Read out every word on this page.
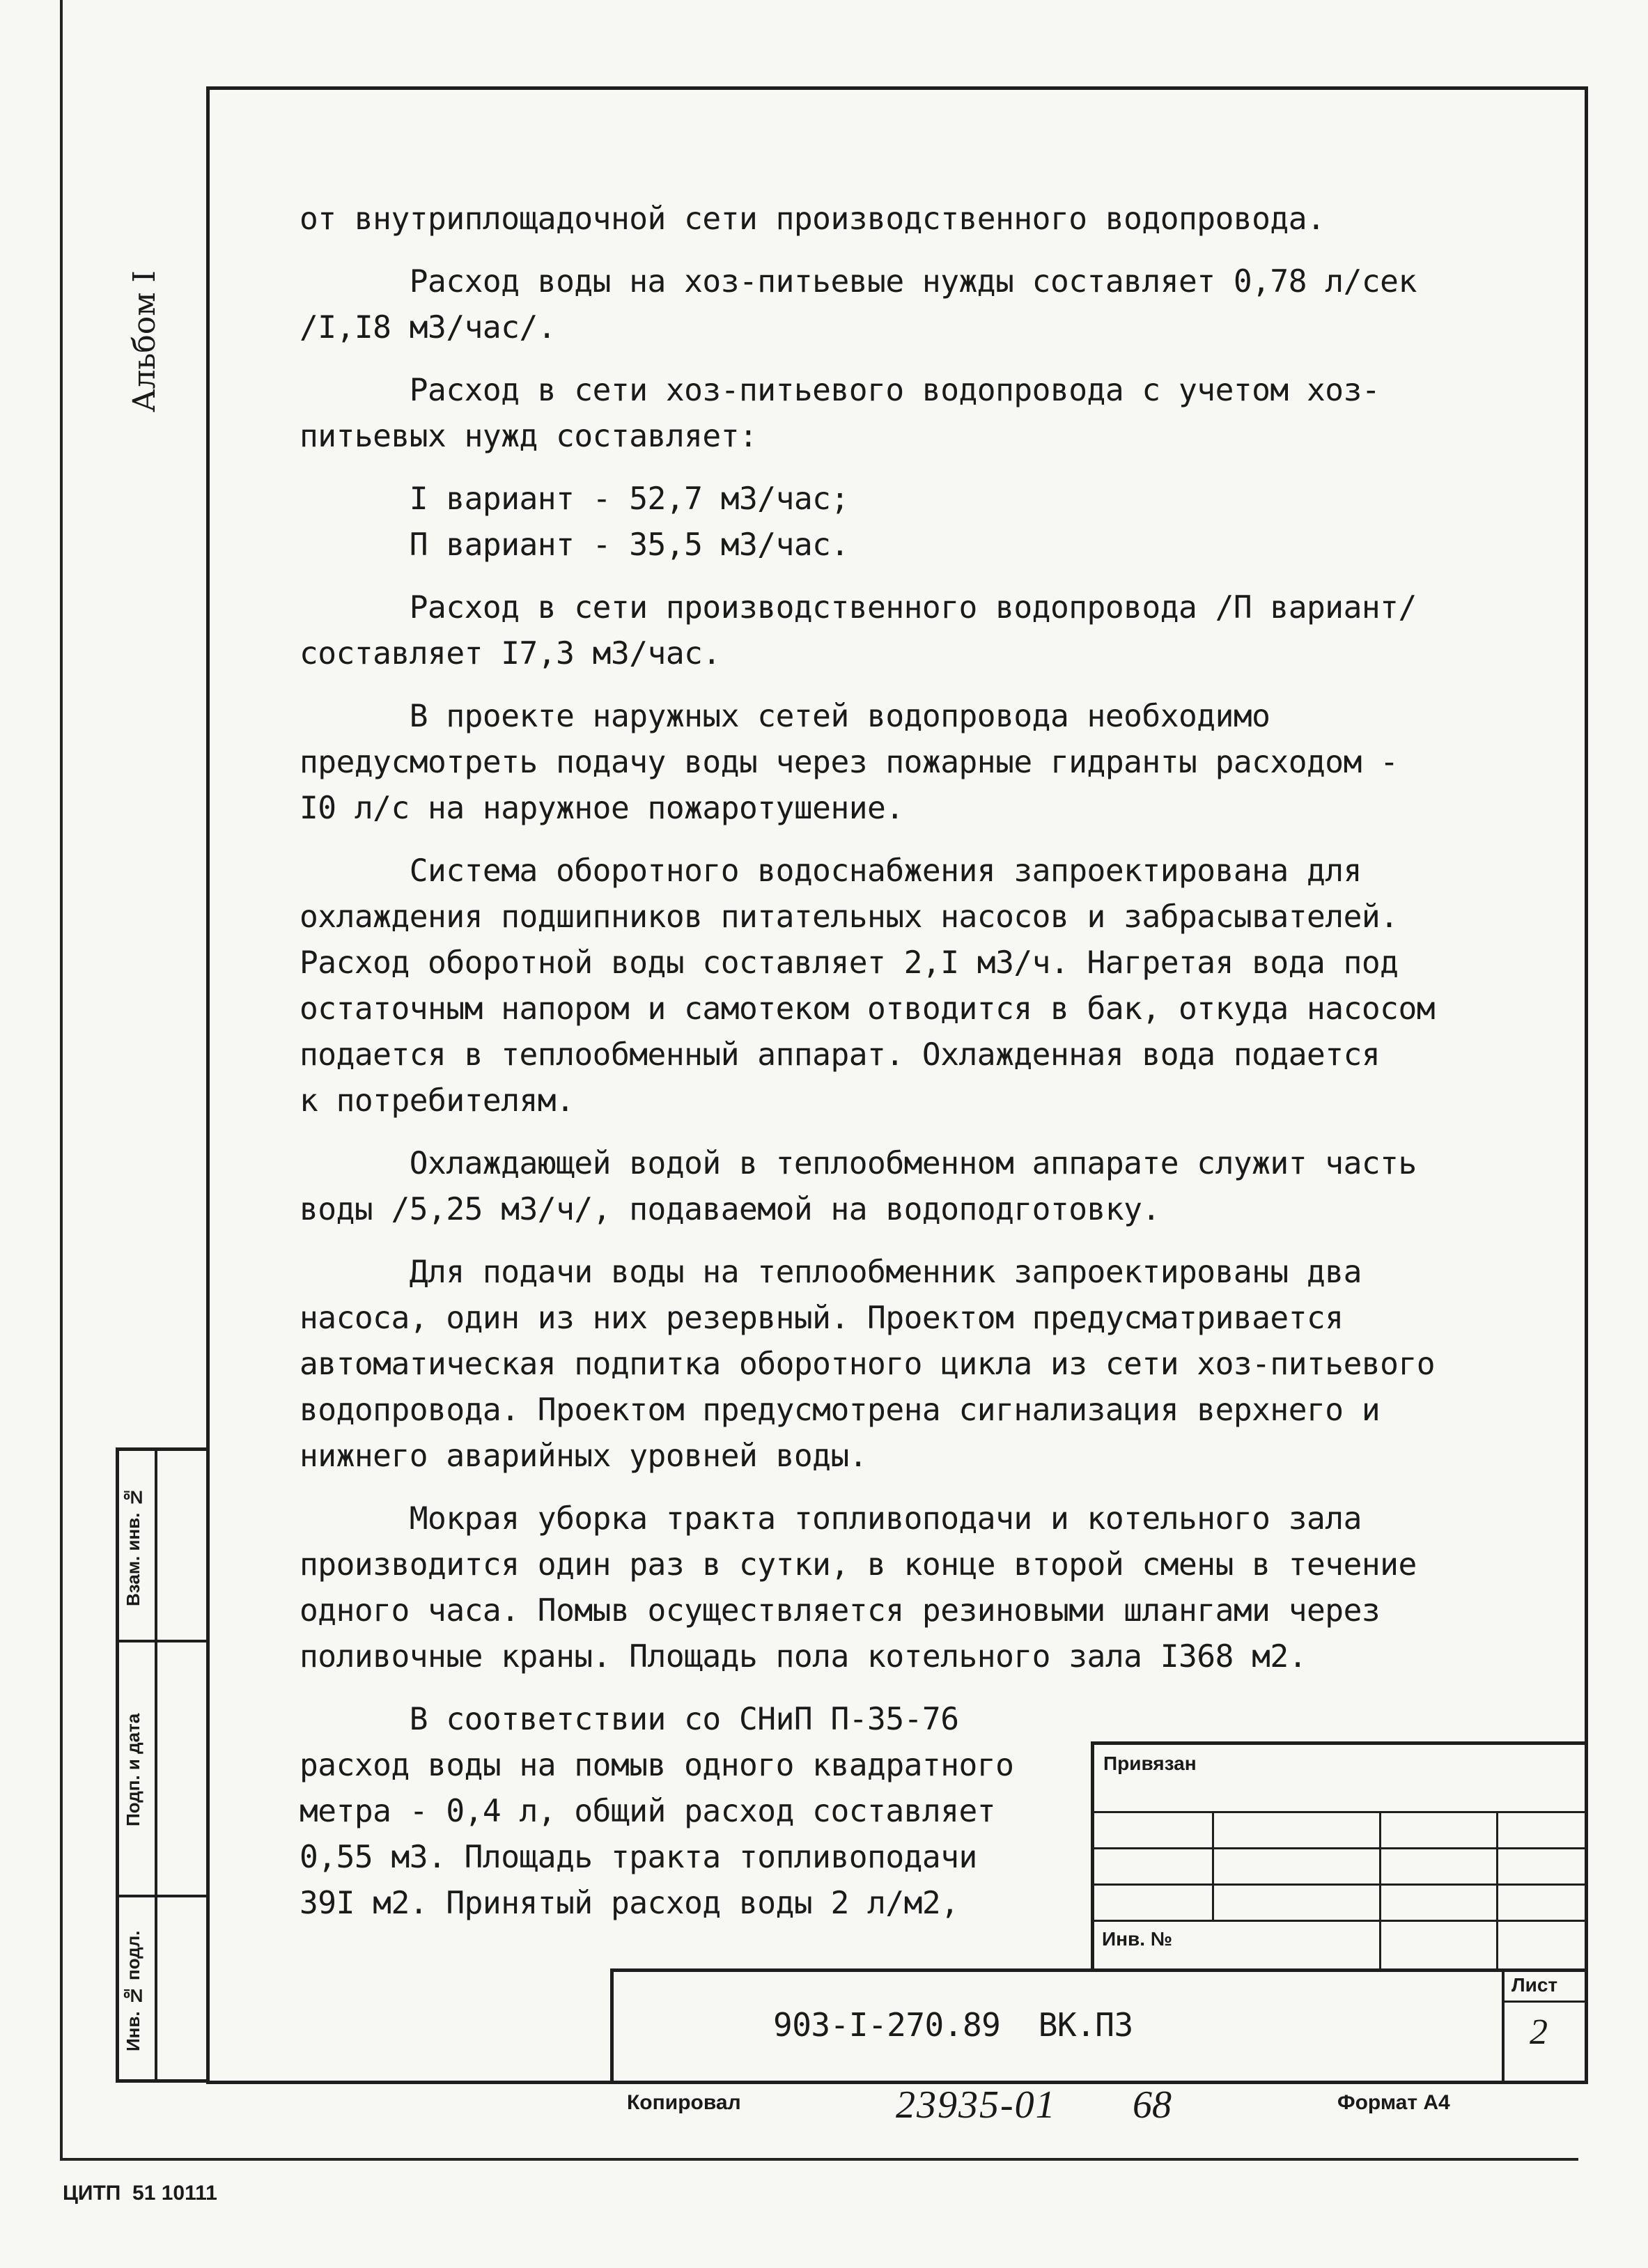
Альбом I
Взам. инв. №
Подп. и дата
Инв. № подл.
от внутриплощадочной сети производственного водопровода.
Расход воды на хоз-питьевые нужды составляет 0,78 л/сек
/I,I8 м3/час/.
Расход в сети хоз-питьевого водопровода с учетом хоз-
питьевых нужд составляет:
I вариант - 52,7 м3/час;
П вариант - 35,5 м3/час.
Расход в сети производственного водопровода /П вариант/
составляет I7,3 м3/час.
В проекте наружных сетей водопровода необходимо
предусмотреть подачу воды через пожарные гидранты расходом -
I0 л/с на наружное пожаротушение.
Система оборотного водоснабжения запроектирована для
охлаждения подшипников питательных насосов и забрасывателей.
Расход оборотной воды составляет 2,I м3/ч. Нагретая вода под
остаточным напором и самотеком отводится в бак, откуда насосом
подается в теплообменный аппарат. Охлажденная вода подается
к потребителям.
Охлаждающей водой в теплообменном аппарате служит часть
воды /5,25 м3/ч/, подаваемой на водоподготовку.
Для подачи воды на теплообменник запроектированы два
насоса, один из них резервный. Проектом предусматривается
автоматическая подпитка оборотного цикла из сети хоз-питьевого
водопровода. Проектом предусмотрена сигнализация верхнего и
нижнего аварийных уровней воды.
Мокрая уборка тракта топливоподачи и котельного зала
производится один раз в сутки, в конце второй смены в течение
одного часа. Помыв осуществляется резиновыми шлангами через
поливочные краны. Площадь пола котельного зала I368 м2.
В соответствии со СНиП П-35-76
расход воды на помыв одного квадратного
метра - 0,4 л, общий расход составляет
0,55 м3. Площадь тракта топливоподачи
39I м2. Принятый расход воды 2 л/м2,
Привязан
Инв. №
903-I-270.89  ВК.ПЗ
Лист
2
Копировал	23935-01 68	Формат А4
ЦИТП  51 10111
